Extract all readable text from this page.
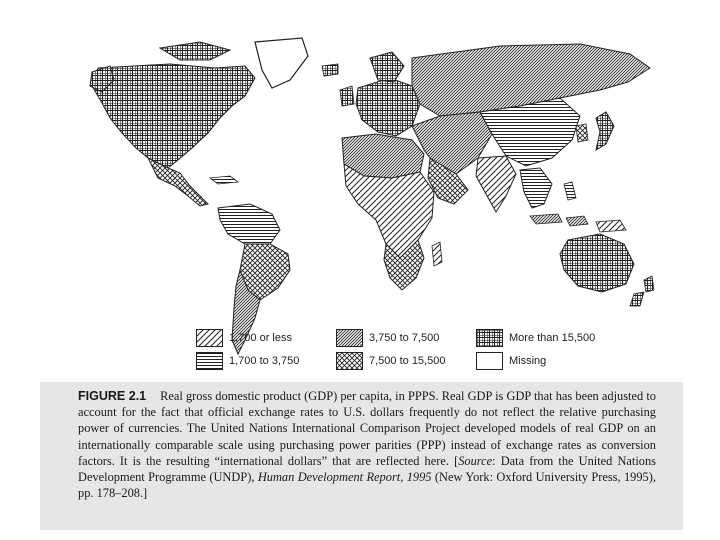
1,700 or less
1,700 to 3,750
3,750 to 7,500
7,500 to 15,500
More than 15,500
Missing
FIGURE 2.1 Real gross domestic product (GDP) per capita, in PPPS. Real GDP is GDP that has been adjusted to account for the fact that official exchange rates to U.S. dollars frequently do not reflect the relative purchasing power of currencies. The United Nations International Comparison Project developed models of real GDP on an internationally comparable scale using purchasing power parities (PPP) instead of exchange rates as conversion factors. It is the resulting “international dollars” that are reflected here. [Source: Data from the United Nations Development Programme (UNDP), Human Development Report, 1995 (New York: Oxford University Press, 1995), pp. 178–208.]
